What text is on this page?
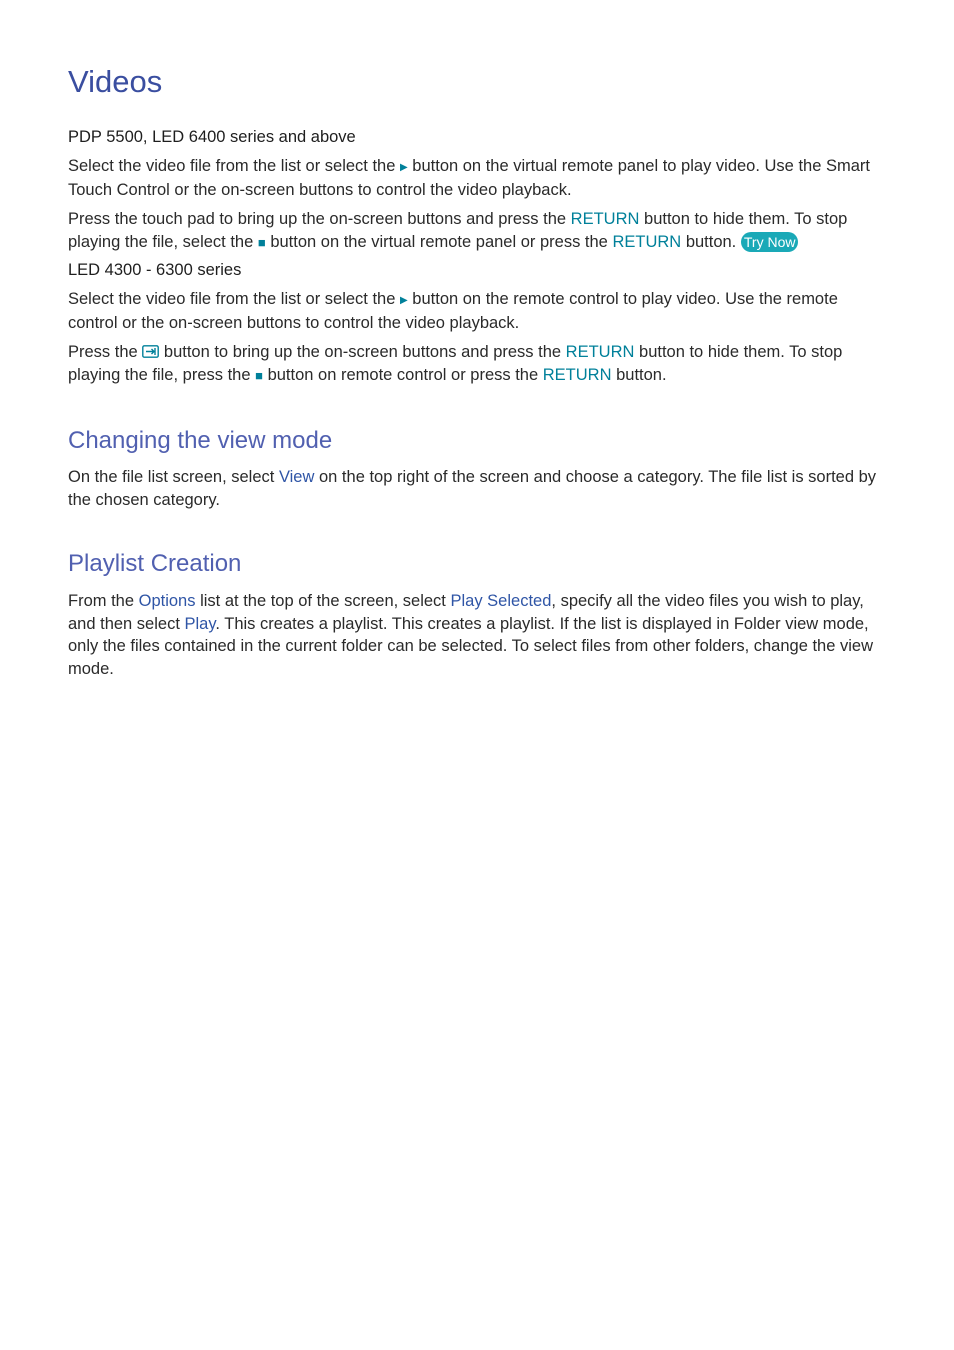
Videos
PDP 5500, LED 6400 series and above

Select the video file from the list or select the ▶ button on the virtual remote panel to play video. Use the Smart Touch Control or the on-screen buttons to control the video playback.

Press the touch pad to bring up the on-screen buttons and press the RETURN button to hide them. To stop playing the file, select the ■ button on the virtual remote panel or press the RETURN button. Try Now

LED 4300 - 6300 series

Select the video file from the list or select the ▶ button on the remote control to play video. Use the remote control or the on-screen buttons to control the video playback.

Press the button to bring up the on-screen buttons and press the RETURN button to hide them. To stop playing the file, press the ■ button on remote control or press the RETURN button.

Changing the view mode

On the file list screen, select View on the top right of the screen and choose a category. The file list is sorted by the chosen category.

Playlist Creation

From the Options list at the top of the screen, select Play Selected, specify all the video files you wish to play, and then select Play. This creates a playlist. This creates a playlist. If the list is displayed in Folder view mode, only the files contained in the current folder can be selected. To select files from other folders, change the view mode.
